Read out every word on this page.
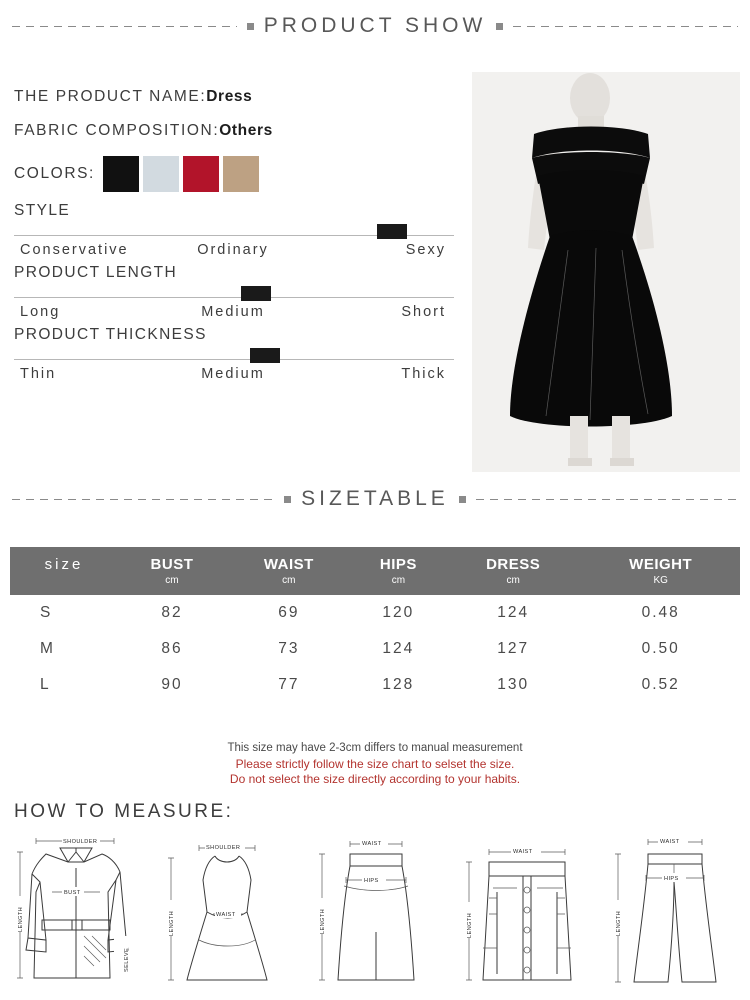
PRODUCT SHOW
THE PRODUCT NAME:Dress
FABRIC COMPOSITION:Others
COLORS:
STYLE
Conservative	Ordinary	Sexy
PRODUCT LENGTH
Long	Medium	Short
PRODUCT THICKNESS
Thin	Medium	Thick
SIZETABLE
size	BUST	WAIST	HIPS	DRESS	WEIGHT
	cm	cm	cm	cm	KG
S	82	69	120	124	0.48
M	86	73	124	127	0.50
L	90	77	128	130	0.52
This size may have 2-3cm differs to manual measurement
Please strictly follow the size chart to selset the size.
Do not select the size directly according to your habits.
HOW TO MEASURE:
SHOULDER
LENGTH
BUST
SELEVE
SHOULDER
LENGTH	WAIST
WAIST
LENGTH
HIPS
WAIST
LENGTH
WAIST
LENGTH
HIPS
